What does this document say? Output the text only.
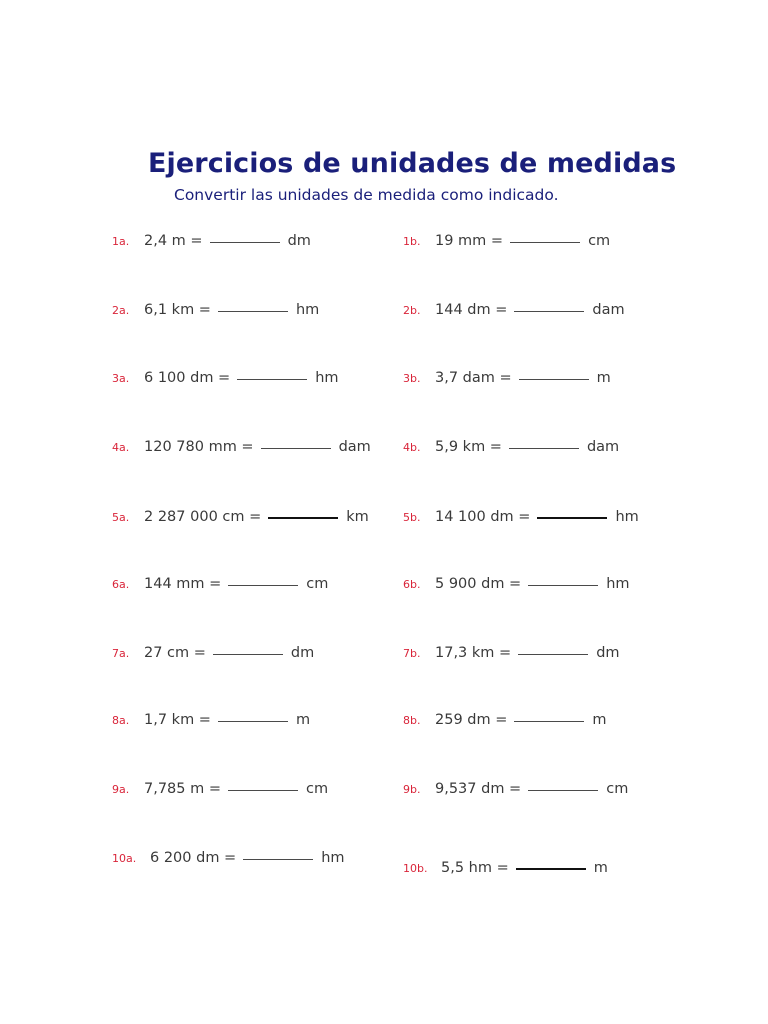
Ejercicios de unidades de medidas

Convertir las unidades de medida como indicado.

1a.	2,4 m =	dm
2a.	6,1 km =	hm
3a.	6 100 dm =	hm
4a.	120 780 mm =	dam
5a.	2 287 000 cm =	km
6a.	144 mm =	cm
7a.	27 cm =	dm
8a.	1,7 km =	m
9a.	7,785 m =	cm
10a. 6 200 dm =	hm
1b.	19 mm =	cm
2b.	144 dm =	dam
3b.	3,7 dam =	m
4b.	5,9 km =	dam
5b.	14 100 dm =	hm
6b.	5 900 dm =	hm
7b.	17,3 km =	dm
8b.	259 dm =	m
9b.	9,537 dm =	cm
10b. 5,5 hm =	m
